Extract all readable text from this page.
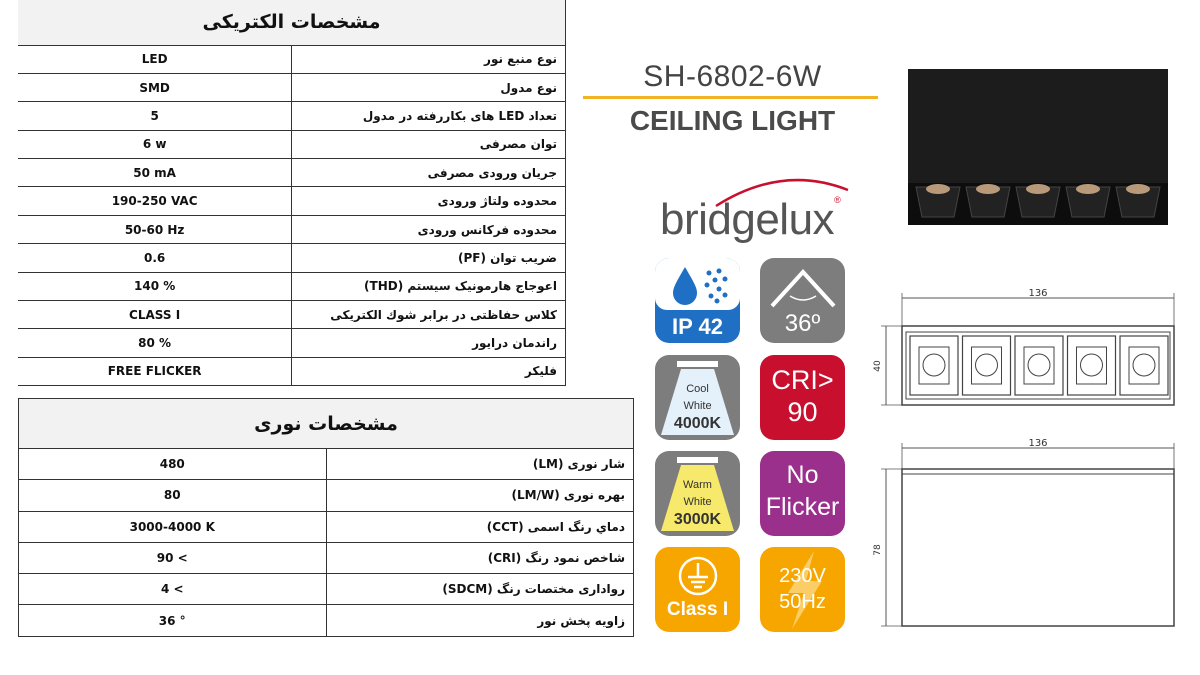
مشخصات الکتریکی	
LED	نوع منبع نور
SMD	نوع مدول
5	تعداد LED های بکاررفته در مدول
6 w	توان مصرفی
50 mA	جریان ورودی مصرفی
190-250 VAC	محدوده ولتاژ ورودی
50-60 Hz	محدوده فرکانس ورودی
0.6	ضریب توان (PF)
140 %	اعوجاج هارمونیک سیستم (THD)
CLASS I	کلاس حفاظتی در برابر شوك الکتریکی
80 %	راندمان درایور
FREE FLICKER	فلیکر
مشخصات نوری	
480	شار نوری (LM)
80	بهره نوری (LM/W)
3000-4000 K	دماي رنگ اسمی (CCT)
90 <	شاخص نمود رنگ (CRI)
4 <	رواداری مختصات رنگ (SDCM)
36 °	زاویه پخش نور
SH-6802-6W
CEILING LIGHT
bridgelux®
IP 42	36º
Cool
White
4000K
CRI>
90
Warm
White
3000K
No
Flicker
Class I
230V
50Hz
136
40
136
78
